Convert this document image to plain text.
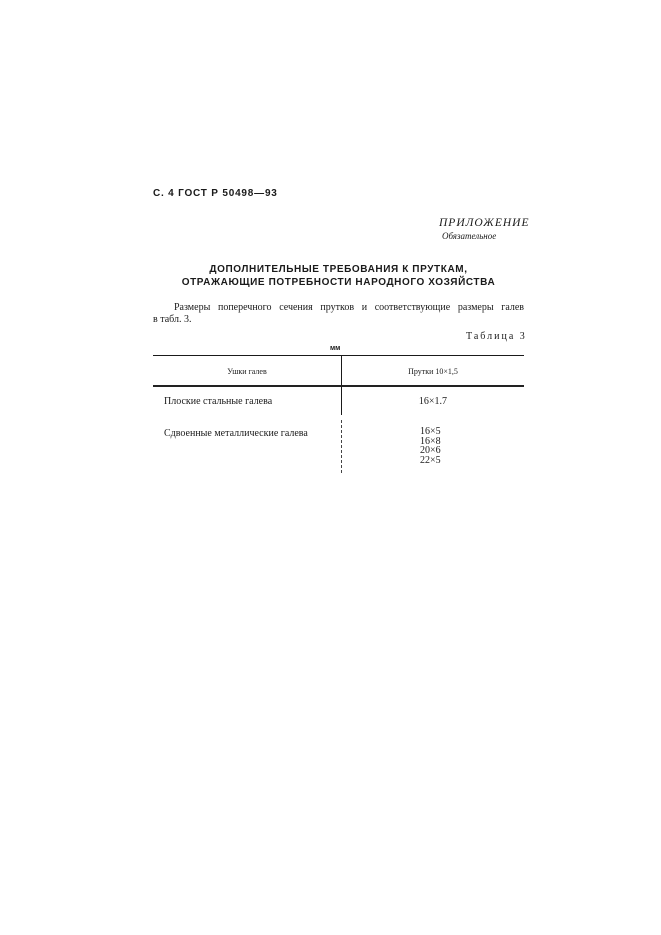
С. 4 ГОСТ Р 50498—93
ПРИЛОЖЕНИЕ
Обязательное
ДОПОЛНИТЕЛЬНЫЕ ТРЕБОВАНИЯ К ПРУТКАМ,
ОТРАЖАЮЩИЕ ПОТРЕБНОСТИ НАРОДНОГО ХОЗЯЙСТВА
Размеры поперечного сечения прутков и соответствующие размеры галев
в табл. 3.
Таблица 3
мм
Ушки галев	Прутки 10×1,5
Плоские стальные галева	16×1.7
Сдвоенные металлические галева	16×5
16×8
20×6
22×5
